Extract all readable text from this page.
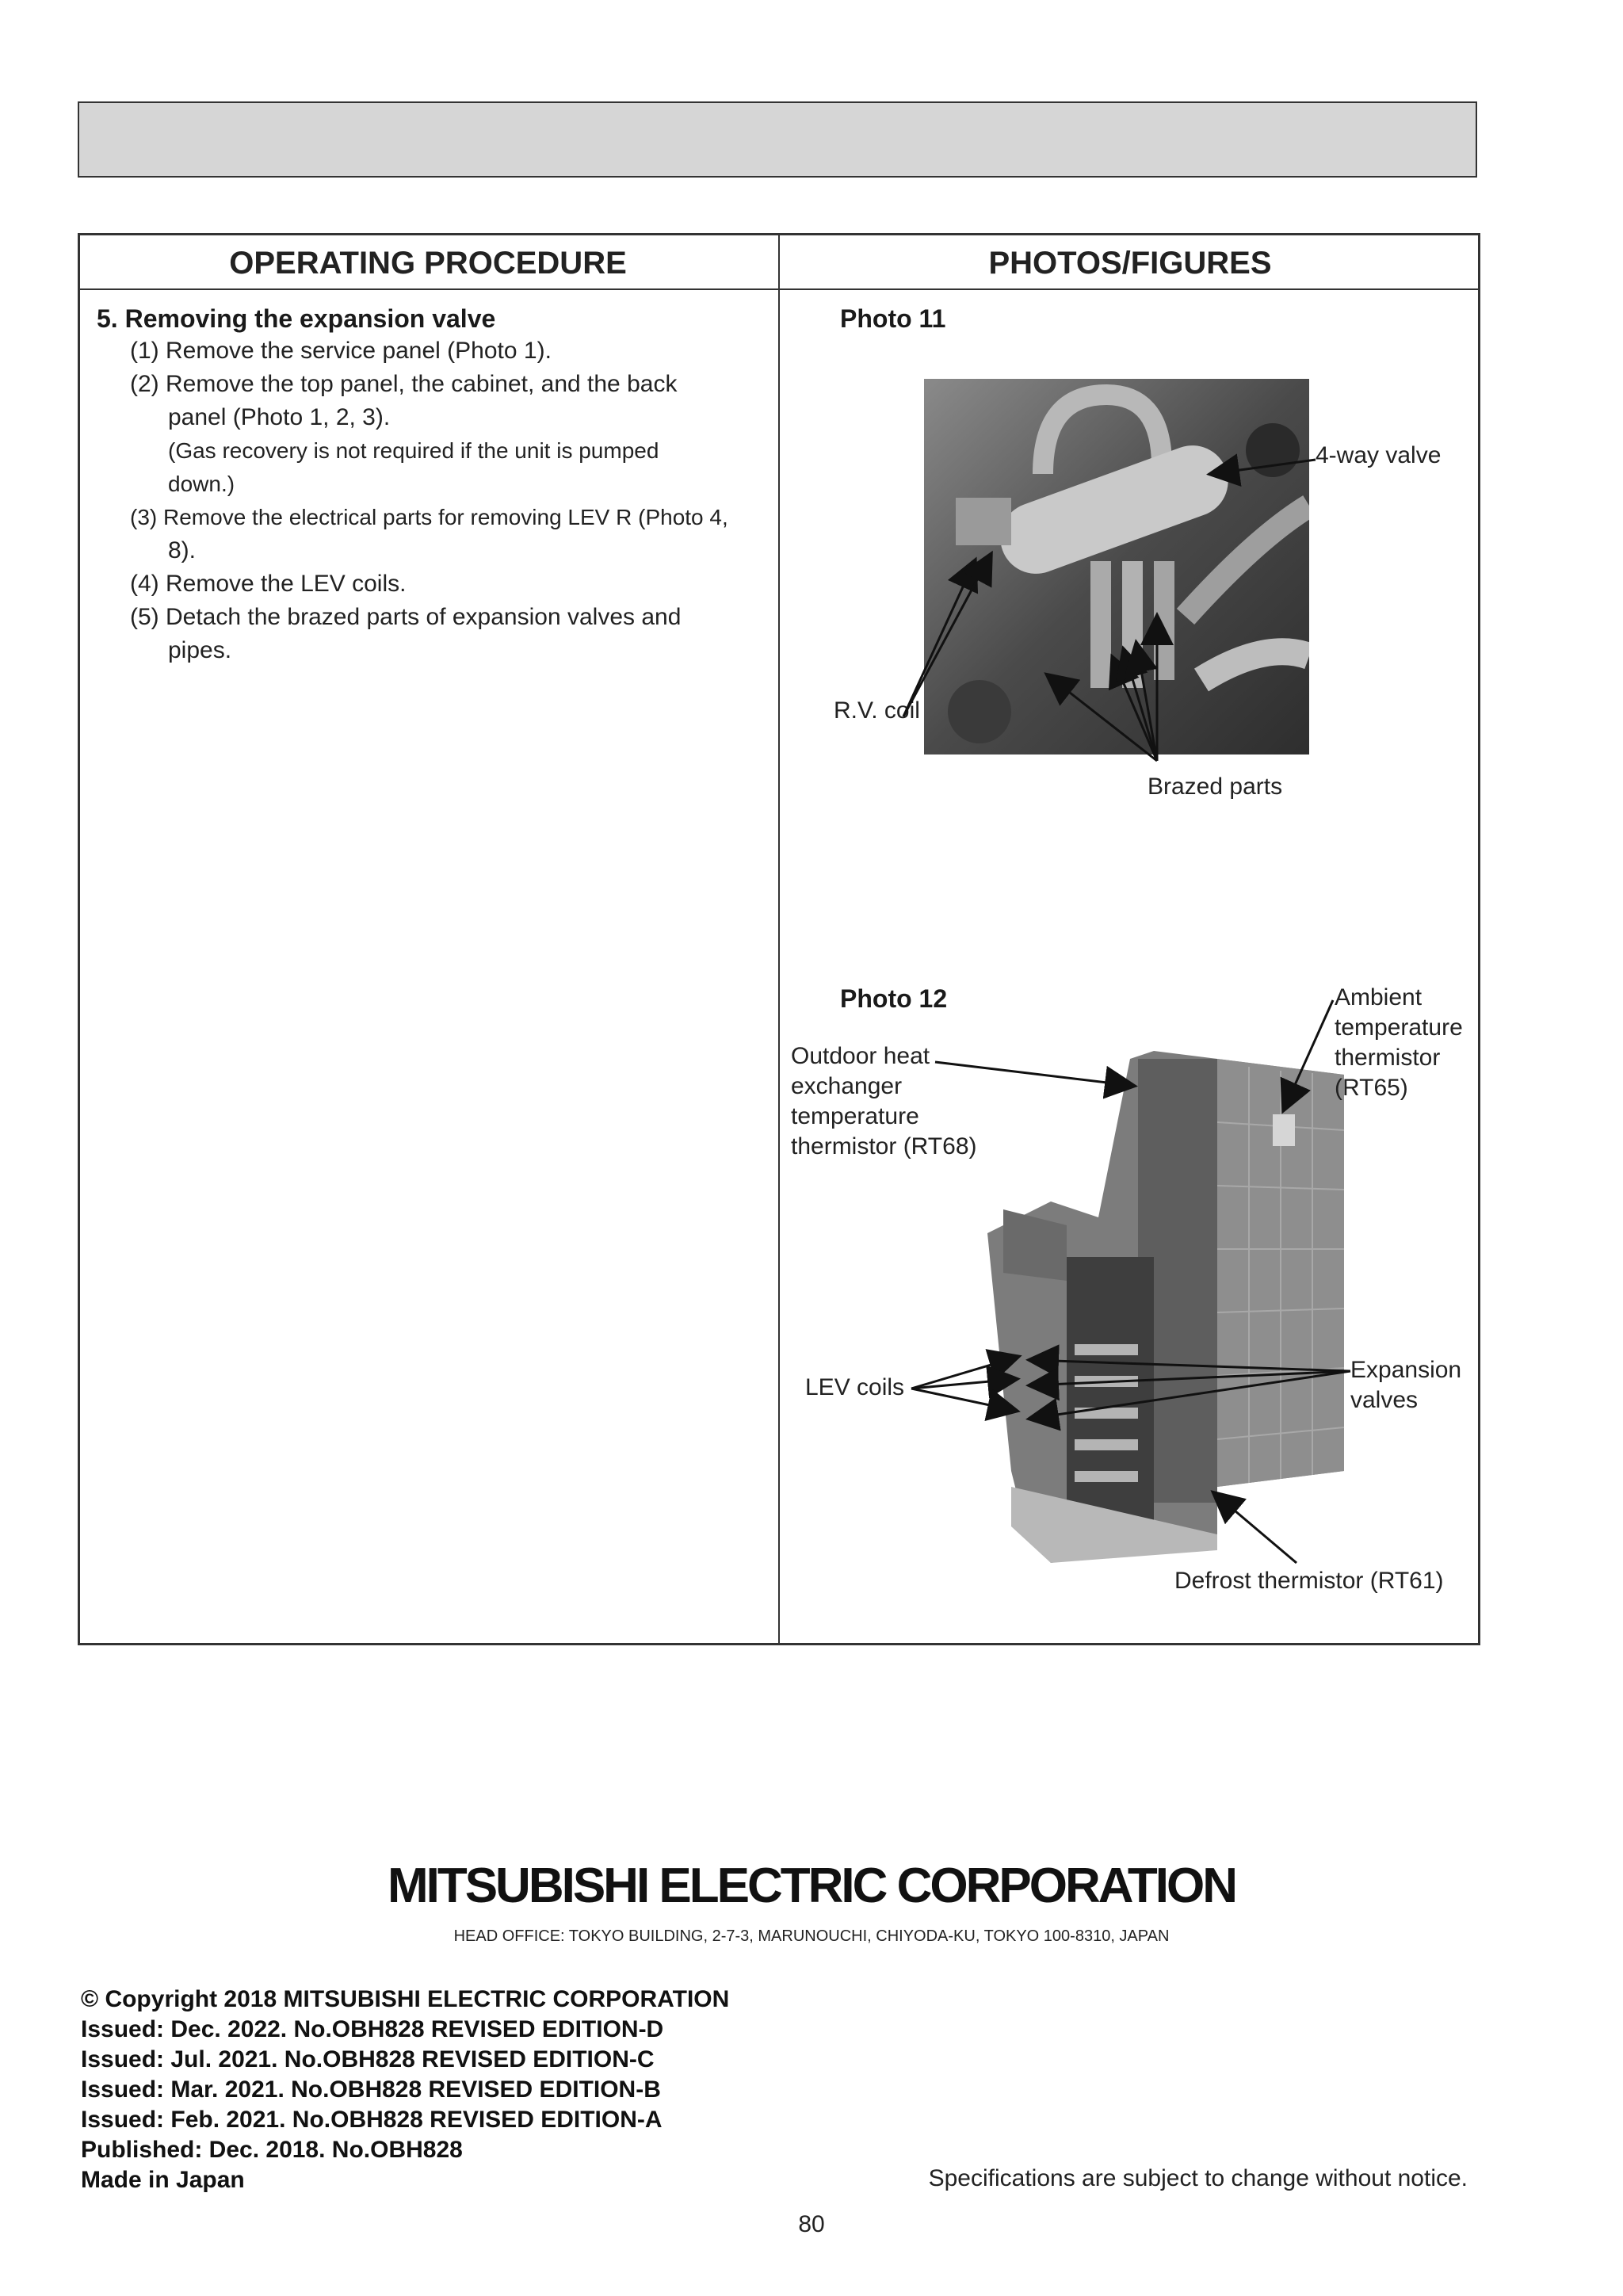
OPERATING PROCEDURE	PHOTOS/FIGURES
5. Removing the expansion valve
(1) Remove the service panel (Photo 1).
(2) Remove the top panel, the cabinet, and the back
panel (Photo 1, 2, 3).
(Gas recovery is not required if the unit is pumped
down.)
(3) Remove the electrical parts for removing LEV R (Photo 4,
8).
(4) Remove the LEV coils.
(5) Detach the brazed parts of expansion valves and
pipes.
Photo 11
4-way valve
R.V. coil
Brazed parts
Photo 12
Outdoor heat
exchanger
temperature
thermistor (RT68)
Ambient
temperature
thermistor
(RT65)
LEV coils
Expansion
valves
Defrost thermistor (RT61)
MITSUBISHI ELECTRIC CORPORATION
HEAD OFFICE: TOKYO BUILDING, 2-7-3, MARUNOUCHI, CHIYODA-KU, TOKYO 100-8310, JAPAN
© Copyright 2018 MITSUBISHI ELECTRIC CORPORATION
Issued: Dec. 2022. No.OBH828 REVISED EDITION-D
Issued: Jul. 2021. No.OBH828 REVISED EDITION-C
Issued: Mar. 2021. No.OBH828 REVISED EDITION-B
Issued: Feb. 2021. No.OBH828 REVISED EDITION-A
Published: Dec. 2018. No.OBH828
Made in Japan	Specifications are subject to change without notice.
80
